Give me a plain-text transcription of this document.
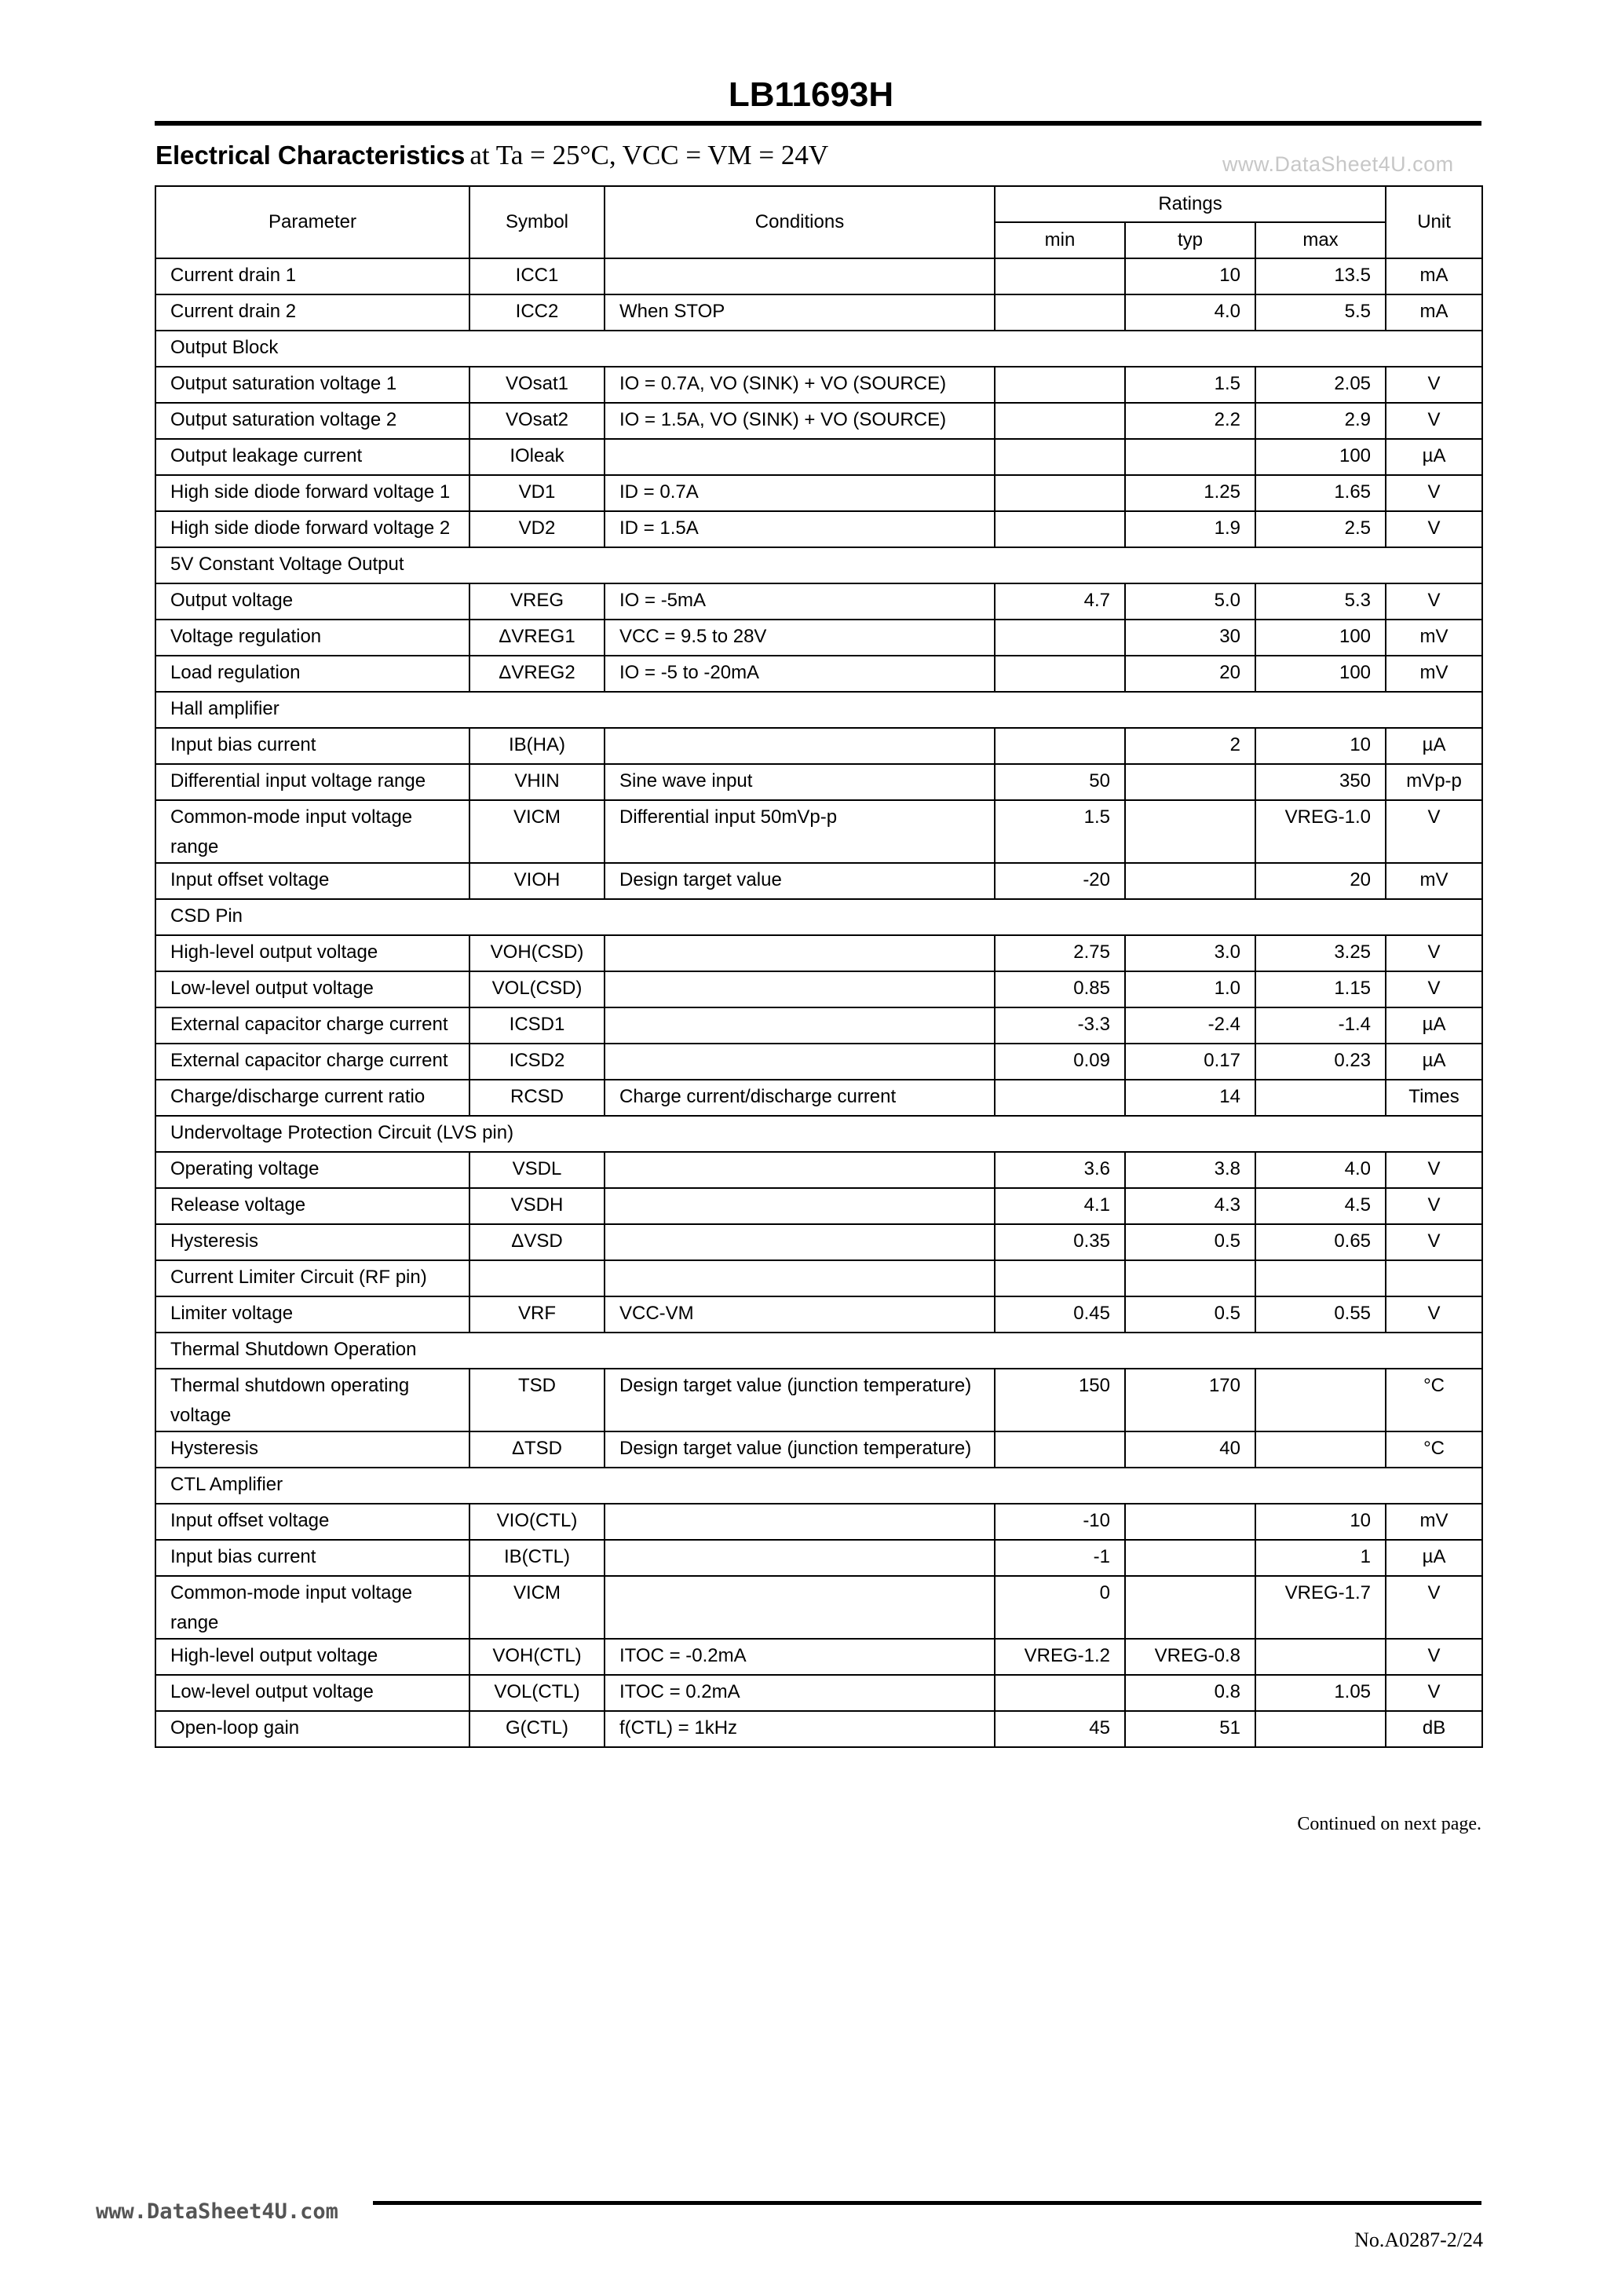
LB11693H
Electrical Characteristics at Ta = 25°C, VCC = VM = 24V	www.DataSheet4U.com
Parameter	Symbol	Conditions	Ratings			Unit
			min	typ	max	
Current drain 1	ICC1			10	13.5	mA
Current drain 2	ICC2	When STOP		4.0	5.5	mA
Output Block						
Output saturation voltage 1	VOsat1	IO = 0.7A, VO (SINK) + VO (SOURCE)		1.5	2.05	V
Output saturation voltage 2	VOsat2	IO = 1.5A, VO (SINK) + VO (SOURCE)		2.2	2.9	V
Output leakage current	IOleak				100	µA
High side diode forward voltage 1	VD1	ID = 0.7A		1.25	1.65	V
High side diode forward voltage 2	VD2	ID = 1.5A		1.9	2.5	V
5V Constant Voltage Output						
Output voltage	VREG	IO = -5mA	4.7	5.0	5.3	V
Voltage regulation	ΔVREG1	VCC = 9.5 to 28V		30	100	mV
Load regulation	ΔVREG2	IO = -5 to -20mA		20	100	mV
Hall amplifier						
Input bias current	IB(HA)			2	10	µA
Differential input voltage range	VHIN	Sine wave input	50		350	mVp-p
Common-mode input voltage range	VICM	Differential input 50mVp-p	1.5		VREG-1.0	V
Input offset voltage	VIOH	Design target value	-20		20	mV
CSD Pin						
High-level output voltage	VOH(CSD)		2.75	3.0	3.25	V
Low-level output voltage	VOL(CSD)		0.85	1.0	1.15	V
External capacitor charge current	ICSD1		-3.3	-2.4	-1.4	µA
External capacitor charge current	ICSD2		0.09	0.17	0.23	µA
Charge/discharge current ratio	RCSD	Charge current/discharge current		14		Times
Undervoltage Protection Circuit (LVS pin)						
Operating voltage	VSDL		3.6	3.8	4.0	V
Release voltage	VSDH		4.1	4.3	4.5	V
Hysteresis	ΔVSD		0.35	0.5	0.65	V
Current Limiter Circuit (RF pin)						
Limiter voltage	VRF	VCC-VM	0.45	0.5	0.55	V
Thermal Shutdown Operation						
Thermal shutdown operating voltage	TSD	Design target value (junction temperature)	150	170		°C
Hysteresis	ΔTSD	Design target value (junction temperature)		40		°C
CTL Amplifier						
Input offset voltage	VIO(CTL)		-10		10	mV
Input bias current	IB(CTL)		-1		1	µA
Common-mode input voltage range	VICM		0		VREG-1.7	V
High-level output voltage	VOH(CTL)	ITOC = -0.2mA	VREG-1.2	VREG-0.8		V
Low-level output voltage	VOL(CTL)	ITOC = 0.2mA		0.8	1.05	V
Open-loop gain	G(CTL)	f(CTL) = 1kHz	45	51		dB
Continued on next page.
www.DataSheet4U.com
No.A0287-2/24
